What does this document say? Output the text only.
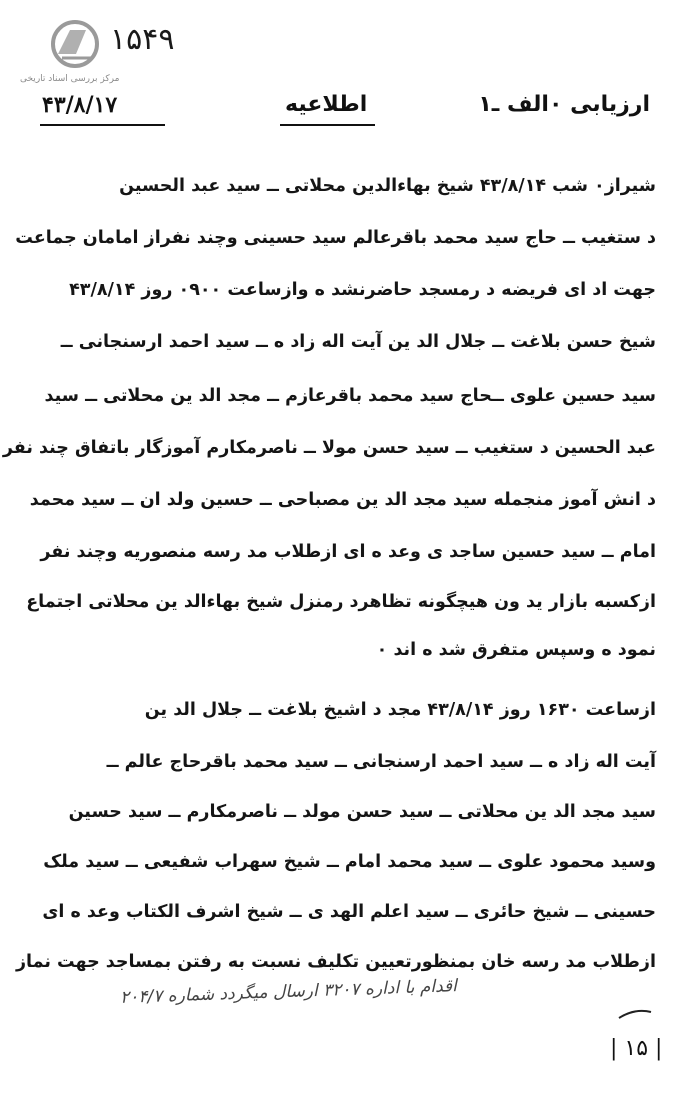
مرکز بررسی اسناد تاریخی
۱۵۴۹
۴۳/۸/۱۷	اطلاعیه	ارزیابی ۰الف ـ۱
شیراز۰ شب ۴۳/۸/۱۴ شیخ بهاءالدین محلاتی ــ سید عبد الحسین
د ستغیب ــ حاج سید محمد باقرعالم سید حسینی وچند نفراز امامان جماعت
جهت اد ای فریضه د رمسجد حاضرنشد ه وازساعت ۰۹۰۰ روز ۴۳/۸/۱۴
شیخ حسن بلاغت ــ جلال الد ین آیت اله زاد ه ــ سید احمد ارسنجانی ــ
سید حسین علوی ــحاج سید محمد باقرعازم ــ مجد الد ین محلاتی ــ سید
عبد الحسین د ستغیب ــ سید حسن مولا ــ ناصرمکارم آموزگار باتفاق چند نفر
د انش آموز منجمله سید مجد الد ین مصباحی ــ حسین ولد ان ــ سید محمد
امام ــ سید حسین ساجد ی وعد ه ای ازطلاب مد رسه منصوریه وچند نفر
ازکسبه بازار ید ون هیچگونه تظاهرد رمنزل شیخ بهاءالد ین محلاتی اجتماع
نمود ه وسپس متفرق شد ه اند ۰
ازساعت ۱۶۳۰ روز ۴۳/۸/۱۴ مجد د اشیخ بلاغت ــ جلال الد ین
آیت اله زاد ه ــ سید احمد ارسنجانی ــ سید محمد باقرحاج عالم ــ
سید مجد الد ین محلاتی ــ سید حسن مولد ــ ناصرمکارم ــ سید حسین
وسید محمود علوی ــ سید محمد امام ــ شیخ سهراب شفیعی ــ سید ملک
حسینی ــ شیخ حائری ــ سید اعلم الهد ی ــ شیخ اشرف الکتاب وعد ه ای
ازطلاب مد رسه خان بمنظورتعیین تکلیف نسبت به رفتن بمساجد جهت نماز
اقدام با اداره ۳۲۰۷ ارسال میگردد شماره ۲۰۴/۷
| ۱۵ |
